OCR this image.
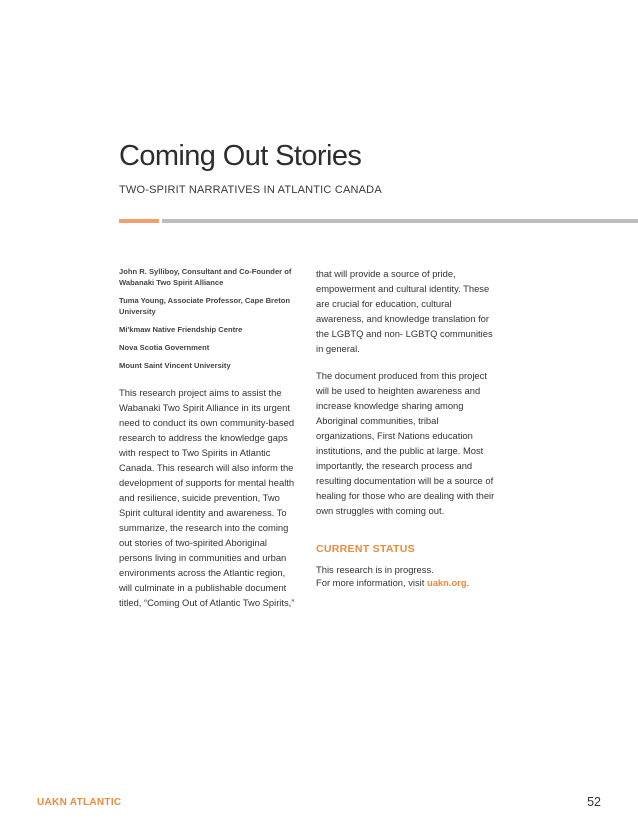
Coming Out Stories
TWO-SPIRIT NARRATIVES IN ATLANTIC CANADA

John R. Sylliboy, Consultant and Co-Founder of Wabanaki Two Spirit Alliance

Tuma Young, Associate Professor, Cape Breton University

Mi'kmaw Native Friendship Centre

Nova Scotia Government

Mount Saint Vincent University

This research project aims to assist the Wabanaki Two Spirit Alliance in its urgent need to conduct its own community-based research to address the knowledge gaps with respect to Two Spirits in Atlantic Canada. This research will also inform the development of supports for mental health and resilience, suicide prevention, Two Spirit cultural identity and awareness. To summarize, the research into the coming out stories of two-spirited Aboriginal persons living in communities and urban environments across the Atlantic region, will culminate in a publishable document titled, “Coming Out of Atlantic Two Spirits,”

that will provide a source of pride, empowerment and cultural identity. These are crucial for education, cultural awareness, and knowledge translation for the LGBTQ and non- LGBTQ communities in general.

The document produced from this project will be used to heighten awareness and increase knowledge sharing among Aboriginal communities, tribal organizations, First Nations education institutions, and the public at large. Most importantly, the research process and resulting documentation will be a source of healing for those who are dealing with their own struggles with coming out.

CURRENT STATUS

This research is in progress.

For more information, visit uakn.org.

UAKN ATLANTIC	52
